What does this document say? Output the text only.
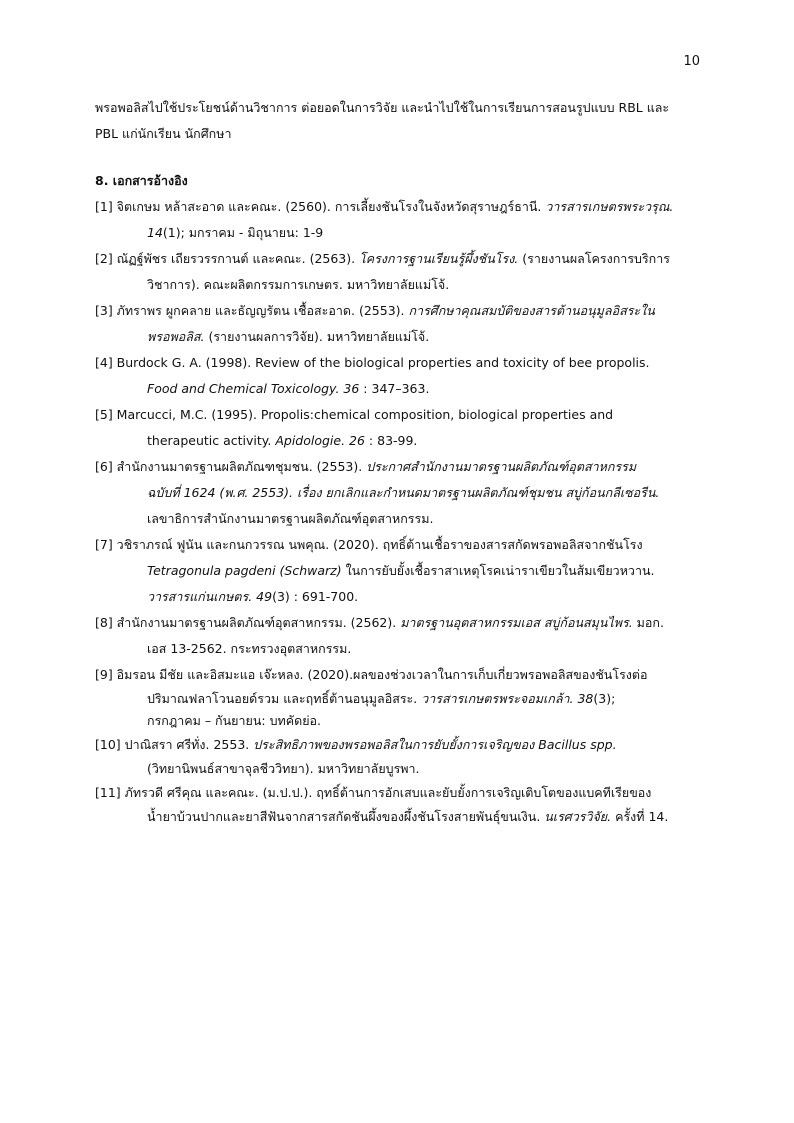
10
พรอพอลิสไปใช้ประโยชน์ด้านวิชาการ ต่อยอดในการวิจัย และนำไปใช้ในการเรียนการสอนรูปแบบ RBL และ
PBL แก่นักเรียน นักศึกษา
8. เอกสารอ้างอิง
[1] จิตเกษม หล้าสะอาด และคณะ. (2560). การเลี้ยงชันโรงในจังหวัดสุราษฎร์ธานี. วารสารเกษตรพระวรุณ.
14(1); มกราคม - มิถุนายน: 1-9
[2] ณัฏฐ์พัชร เถียรวรรกานต์ และคณะ. (2563). โครงการฐานเรียนรู้ผึ้งชันโรง. (รายงานผลโครงการบริการ
วิชาการ). คณะผลิตกรรมการเกษตร. มหาวิทยาลัยแม่โจ้.
[3] ภัทราพร ผูกคลาย และธัญญรัตน เชื้อสะอาด. (2553). การศึกษาคุณสมบัติของสารต้านอนุมูลอิสระใน
พรอพอลิส. (รายงานผลการวิจัย). มหาวิทยาลัยแม่โจ้.
[4] Burdock G. A. (1998). Review of the biological properties and toxicity of bee propolis.
Food and Chemical Toxicology. 36 : 347–363.
[5] Marcucci, M.C. (1995). Propolis:chemical composition, biological properties and
therapeutic activity. Apidologie. 26 : 83-99.
[6] สำนักงานมาตรฐานผลิตภัณฑชุมชน. (2553). ประกาศสำนักงานมาตรฐานผลิตภัณฑ์อุตสาหกรรม
ฉบับที่ 1624 (พ.ศ. 2553). เรื่อง ยกเลิกและกำหนดมาตรฐานผลิตภัณฑ์ชุมชน สบู่ก้อนกลีเซอรีน.
เลขาธิการสำนักงานมาตรฐานผลิตภัณฑ์อุตสาหกรรม.
[7] วชิราภรณ์ ฟูนัน และกนกวรรณ นพคุณ. (2020). ฤทธิ์ต้านเชื้อราของสารสกัดพรอพอลิสจากชันโรง
Tetragonula pagdeni (Schwarz) ในการยับยั้งเชื้อราสาเหตุโรคเน่าราเขียวในส้มเขียวหวาน.
วารสารแก่นเกษตร. 49(3) : 691-700.
[8] สำนักงานมาตรฐานผลิตภัณฑ์อุตสาหกรรม. (2562). มาตรฐานอุตสาหกรรมเอส สบู่ก้อนสมุนไพร. มอก.
เอส 13-2562. กระทรวงอุตสาหกรรม.
[9] อิมรอน มีชัย และอิสมะแอ เจ๊ะหลง. (2020).ผลของช่วงเวลาในการเก็บเกี่ยวพรอพอลิสของชันโรงต่อ
ปริมาณฟลาโวนอยด์รวม และฤทธิ์ต้านอนุมูลอิสระ. วารสารเกษตรพระจอมเกล้า. 38(3);
กรกฎาคม – กันยายน: บทคัดย่อ.
[10] ปาณิสรา ศรีทั่ง. 2553. ประสิทธิภาพของพรอพอลิสในการยับยั้งการเจริญของ Bacillus spp.
(วิทยานิพนธ์สาขาจุลชีววิทยา). มหาวิทยาลัยบูรพา.
[11] ภัทรวดี ศรีคุณ และคณะ. (ม.ป.ป.). ฤทธิ์ต้านการอักเสบและยับยั้งการเจริญเติบโตของแบคทีเรียของ
น้ำยาบ้วนปากและยาสีฟันจากสารสกัดชันผึ้งของผึ้งชันโรงสายพันธุ์ขนเงิน. นเรศวรวิจัย. ครั้งที่ 14.
